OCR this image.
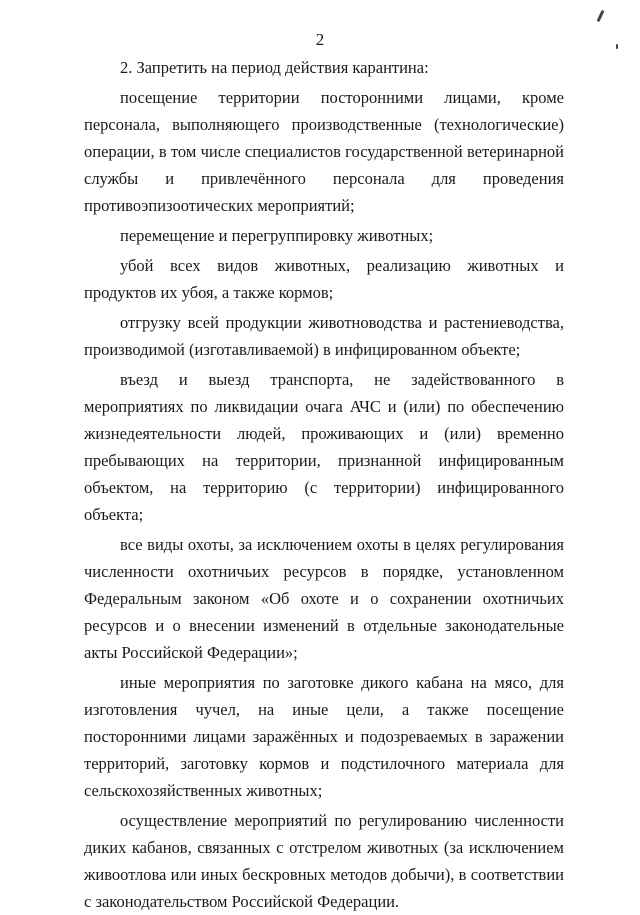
2

2. Запретить на период действия карантина:

посещение территории посторонними лицами, кроме персонала, выполняющего производственные (технологические) операции, в том числе специалистов государственной ветеринарной службы и привлечённого персонала для проведения противоэпизоотических мероприятий;

перемещение и перегруппировку животных;

убой всех видов животных, реализацию животных и продуктов их убоя, а также кормов;

отгрузку всей продукции животноводства и растениеводства, производимой (изготавливаемой) в инфицированном объекте;

въезд и выезд транспорта, не задействованного в мероприятиях по ликвидации очага АЧС и (или) по обеспечению жизнедеятельности людей, проживающих и (или) временно пребывающих на территории, признанной инфицированным объектом, на территорию (с территории) инфицированного объекта;

все виды охоты, за исключением охоты в целях регулирования численности охотничьих ресурсов в порядке, установленном Федеральным законом «Об охоте и о сохранении охотничьих ресурсов и о внесении изменений в отдельные законодательные акты Российской Федерации»;

иные мероприятия по заготовке дикого кабана на мясо, для изготовления чучел, на иные цели, а также посещение посторонними лицами заражённых и подозреваемых в заражении территорий, заготовку кормов и подстилочного материала для сельскохозяйственных животных;

осуществление мероприятий по регулированию численности диких кабанов, связанных с отстрелом животных (за исключением живоотлова или иных бескровных методов добычи), в соответствии с законодательством Российской Федерации.
